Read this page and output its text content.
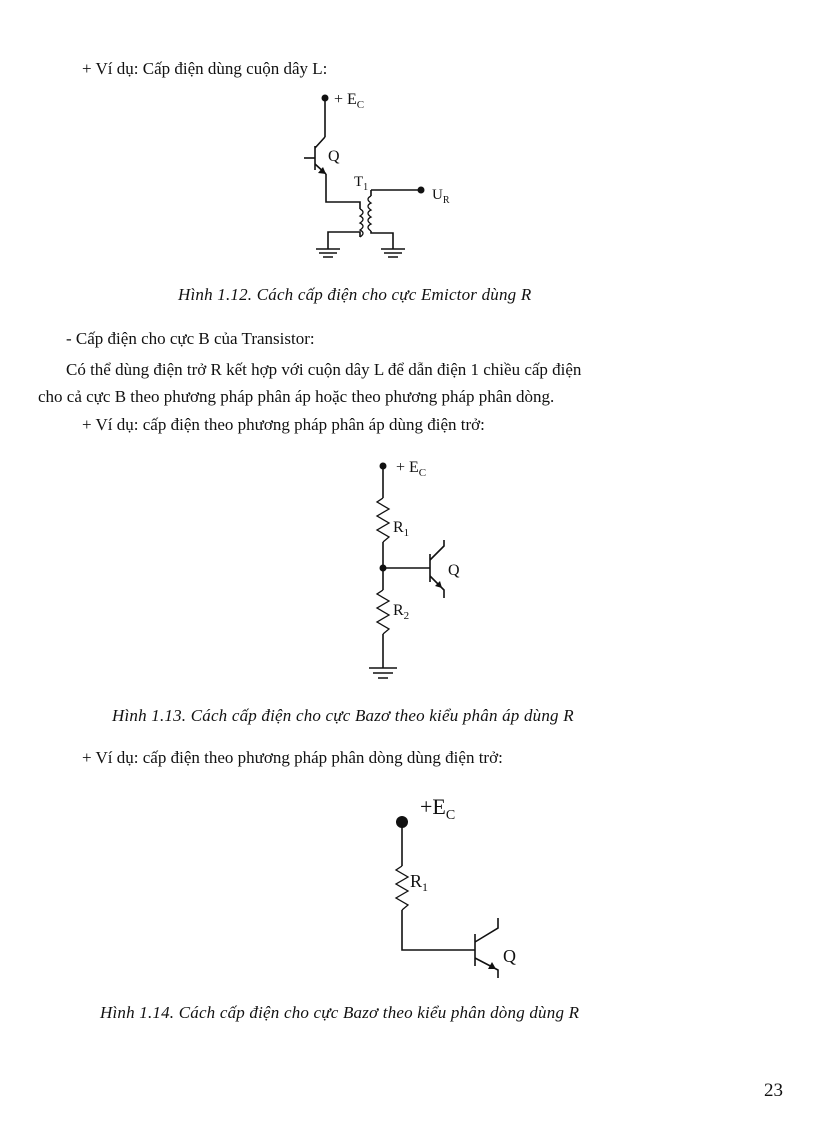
+ Ví dụ: Cấp điện dùng cuộn dây L:
+ $E_C$
Q
$T_1$	$U_R$
Hình 1.12. Cách cấp điện cho cực Emictor dùng R
- Cấp điện cho cực B của Transistor:
Có thể dùng điện trở R kết hợp với cuộn dây L để dẫn điện 1 chiều cấp điện
cho cả cực B theo phương pháp phân áp hoặc theo phương pháp phân dòng.
+ Ví dụ: cấp điện theo phương pháp phân áp dùng điện trở:
+ $E_C$
$R_1$
Q
$R_2$
Hình 1.13. Cách cấp điện cho cực Bazơ theo kiểu phân áp dùng R
+ Ví dụ: cấp điện theo phương pháp phân dòng dùng điện trở:
$+E_C$
$R_1$
Q
Hình 1.14. Cách cấp điện cho cực Bazơ theo kiểu phân dòng dùng R
23
